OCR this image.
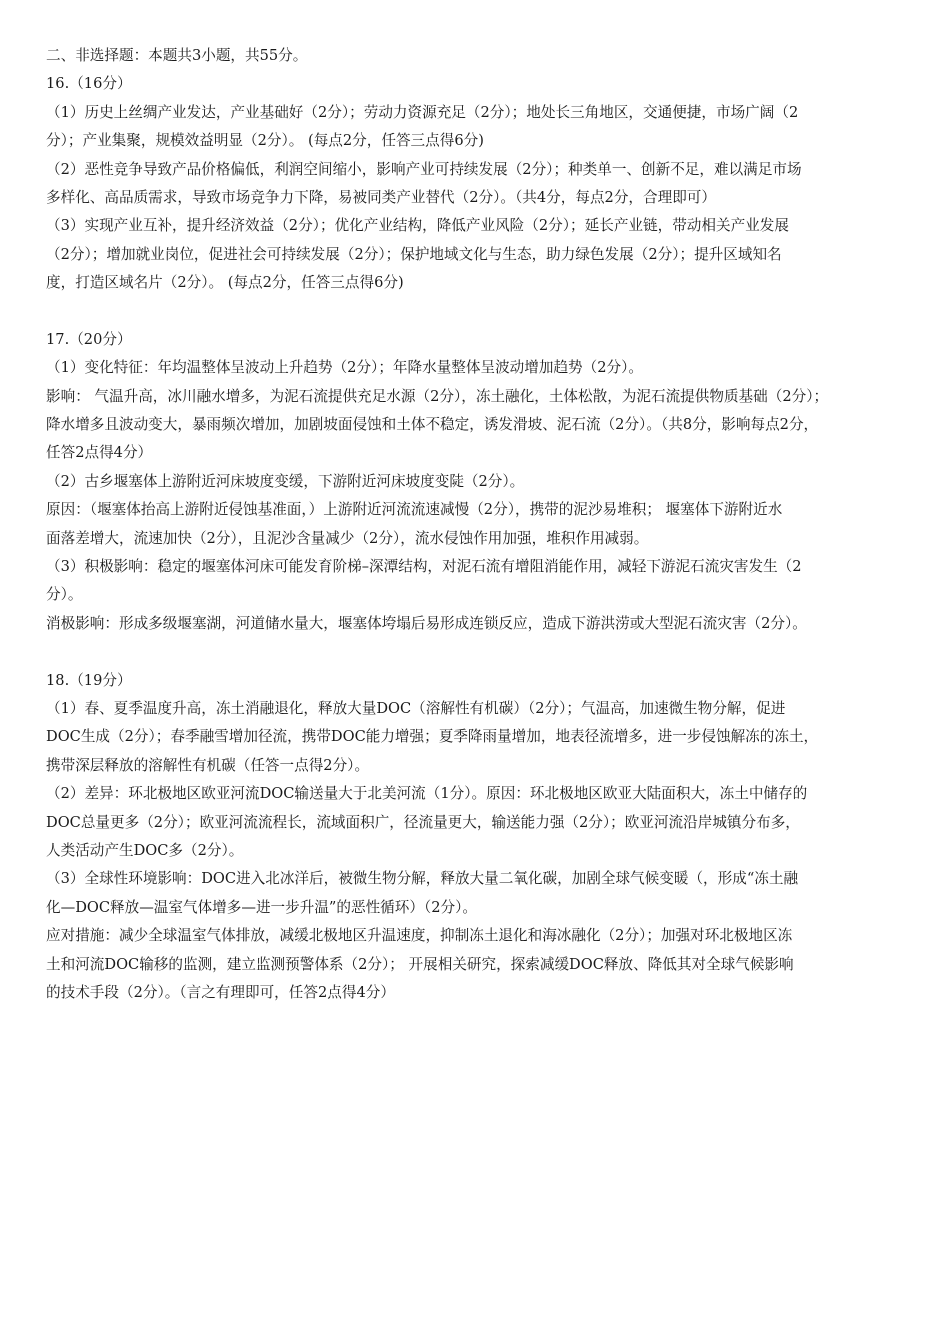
二、非选择题：本题共3小题，共55分。
16.（16分）
（1）历史上丝绸产业发达，产业基础好（2分）；劳动力资源充足（2分）；地处长三角地区，交通便捷，市场广阔（2
分）；产业集聚，规模效益明显（2分）。 (每点2分，任答三点得6分)
（2）恶性竞争导致产品价格偏低，利润空间缩小，影响产业可持续发展（2分）；种类单一、创新不足，难以满足市场
多样化、高品质需求，导致市场竞争力下降，易被同类产业替代（2分）。（共4分，每点2分，合理即可）
（3）实现产业互补，提升经济效益（2分）；优化产业结构，降低产业风险（2分）；延长产业链，带动相关产业发展
（2分）；增加就业岗位，促进社会可持续发展（2分）；保护地域文化与生态，助力绿色发展（2分）；提升区域知名
度，打造区域名片（2分）。 (每点2分，任答三点得6分)
17.（20分）
（1）变化特征：年均温整体呈波动上升趋势（2分）；年降水量整体呈波动增加趋势（2分）。
影响： 气温升高，冰川融水增多，为泥石流提供充足水源（2分），冻土融化，土体松散，为泥石流提供物质基础（2分）；
降水增多且波动变大，暴雨频次增加，加剧坡面侵蚀和土体不稳定，诱发滑坡、泥石流（2分）。（共8分，影响每点2分，
任答2点得4分）
（2）古乡堰塞体上游附近河床坡度变缓，下游附近河床坡度变陡（2分）。
原因：（堰塞体抬高上游附近侵蚀基准面，）上游附近河流流速减慢（2分），携带的泥沙易堆积； 堰塞体下游附近水
面落差增大，流速加快（2分），且泥沙含量减少（2分），流水侵蚀作用加强，堆积作用减弱。
（3）积极影响：稳定的堰塞体河床可能发育阶梯–深潭结构，对泥石流有增阻消能作用，减轻下游泥石流灾害发生（2
分）。
消极影响：形成多级堰塞湖，河道储水量大，堰塞体垮塌后易形成连锁反应，造成下游洪涝或大型泥石流灾害（2分）。
18.（19分）
（1）春、夏季温度升高，冻土消融退化，释放大量DOC（溶解性有机碳）（2分）；气温高，加速微生物分解，促进
DOC生成（2分）；春季融雪增加径流，携带DOC能力增强；夏季降雨量增加，地表径流增多，进一步侵蚀解冻的冻土，
携带深层释放的溶解性有机碳（任答一点得2分）。
（2）差异：环北极地区欧亚河流DOC输送量大于北美河流（1分）。原因：环北极地区欧亚大陆面积大，冻土中储存的
DOC总量更多（2分）；欧亚河流流程长，流域面积广，径流量更大，输送能力强（2分）；欧亚河流沿岸城镇分布多，
人类活动产生DOC多（2分）。
（3）全球性环境影响：DOC进入北冰洋后，被微生物分解，释放大量二氧化碳，加剧全球气候变暖（，形成“冻土融
化—DOC释放—温室气体增多—进一步升温”的恶性循环）（2分）。
应对措施：减少全球温室气体排放，减缓北极地区升温速度，抑制冻土退化和海冰融化（2分）；加强对环北极地区冻
土和河流DOC输移的监测，建立监测预警体系（2分）； 开展相关研究，探索减缓DOC释放、降低其对全球气候影响
的技术手段（2分）。（言之有理即可，任答2点得4分）
